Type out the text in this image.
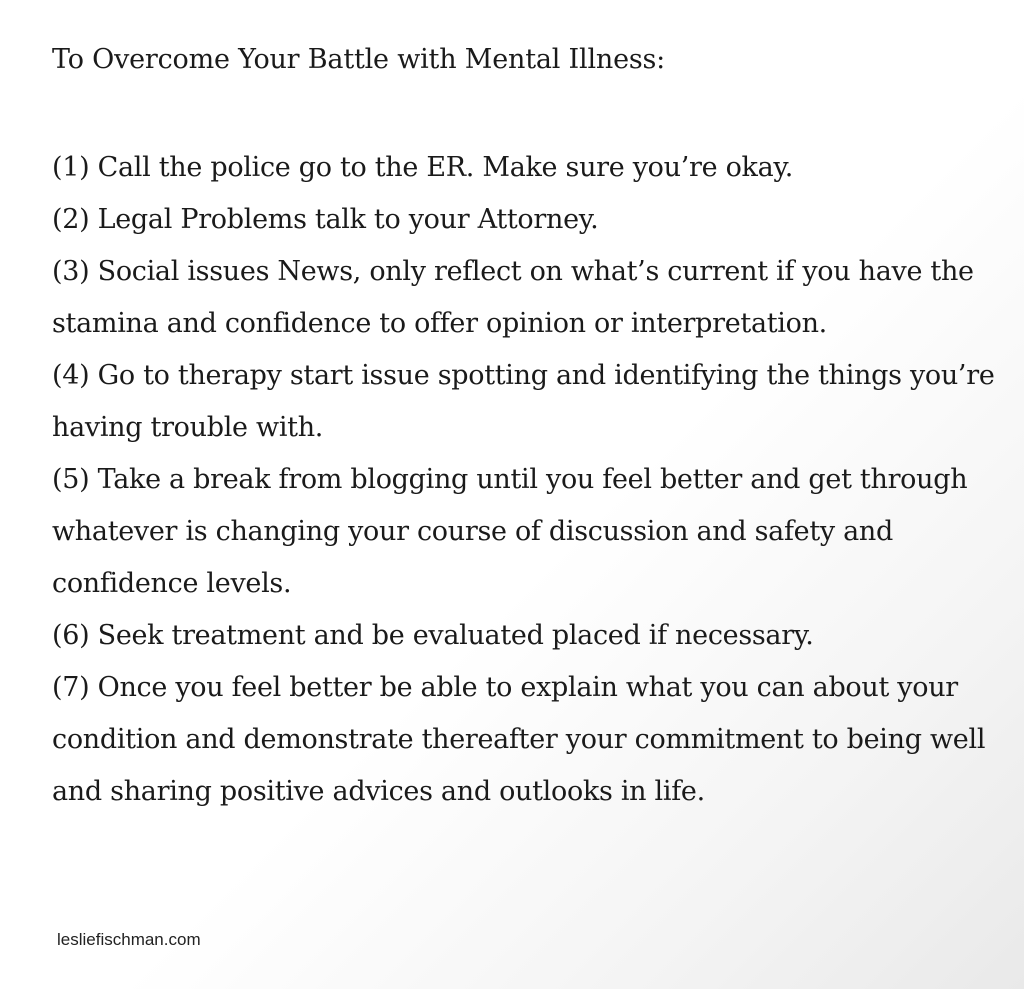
To Overcome Your Battle with Mental Illness:
(1) Call the police go to the ER. Make sure you’re okay.
(2) Legal Problems talk to your Attorney.
(3) Social issues News, only reflect on what’s current if you have the stamina and confidence to offer opinion or interpretation.
(4) Go to therapy start issue spotting and identifying the things you’re having trouble with.
(5) Take a break from blogging until you feel better and get through whatever is changing your course of discussion and safety and confidence levels.
(6) Seek treatment and be evaluated placed if necessary.
(7) Once you feel better be able to explain what you can about your condition and demonstrate thereafter your commitment to being well and sharing positive advices and outlooks in life.
lesliefischman.com
